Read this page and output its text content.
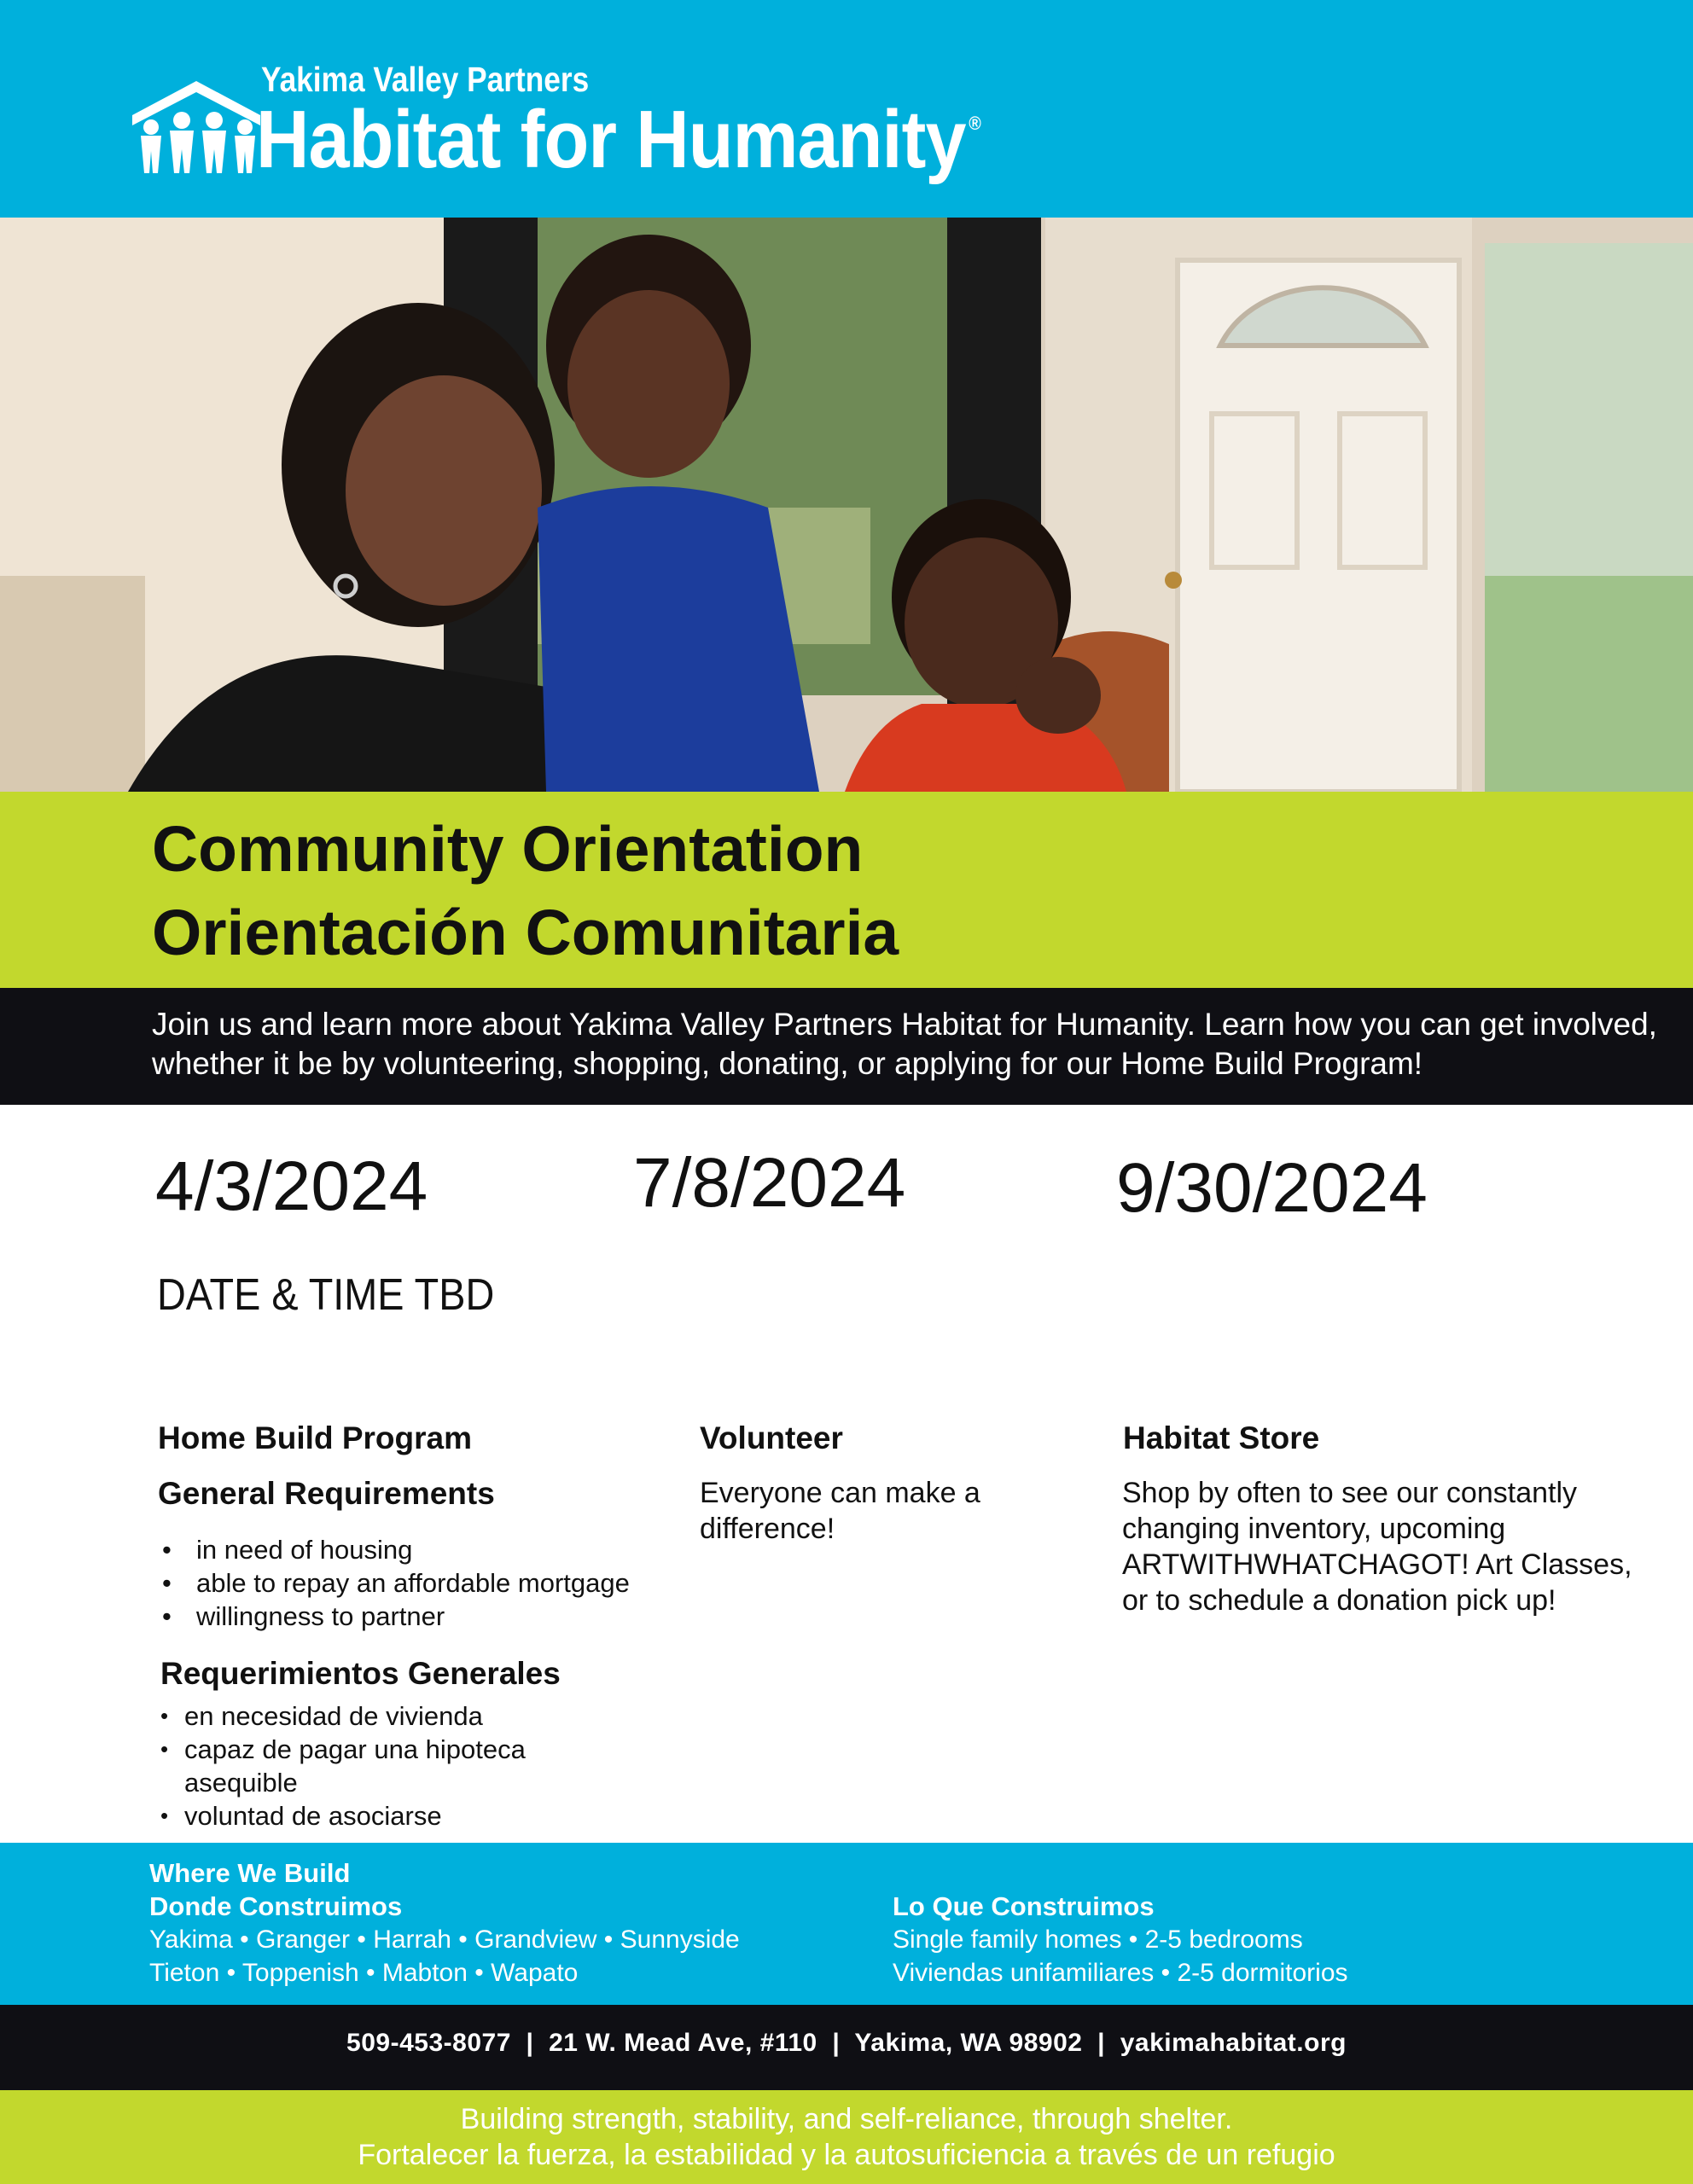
Yakima Valley Partners
Habitat for Humanity ®
Community Orientation
Orientación Comunitaria
Join us and learn more about Yakima Valley Partners Habitat for Humanity. Learn how you can get involved, whether it be by volunteering, shopping, donating, or applying for our Home Build Program!
4/3/2024	7/8/2024	9/30/2024
DATE & TIME TBD
Home Build Program
General Requirements
• in need of housing
• able to repay an affordable mortgage
• willingness to partner
Requerimientos Generales
• en necesidad de vivienda
• capaz de pagar una hipoteca asequible
• voluntad de asociarse
Volunteer
Everyone can make a difference!
Habitat Store
Shop by often to see our constantly changing inventory, upcoming ARTWITHWHATCHAGOT! Art Classes, or to schedule a donation pick up!
Where We Build
Donde Construimos
Yakima • Granger • Harrah • Grandview • Sunnyside
Tieton • Toppenish • Mabton • Wapato
Lo Que Construimos
Single family homes • 2-5 bedrooms
Viviendas unifamiliares • 2-5 dormitorios
509-453-8077  |  21 W. Mead Ave, #110  |  Yakima, WA 98902  |  yakimahabitat.org
Building strength, stability, and self-reliance, through shelter.
Fortalecer la fuerza, la estabilidad y la autosuficiencia a través de un refugio
